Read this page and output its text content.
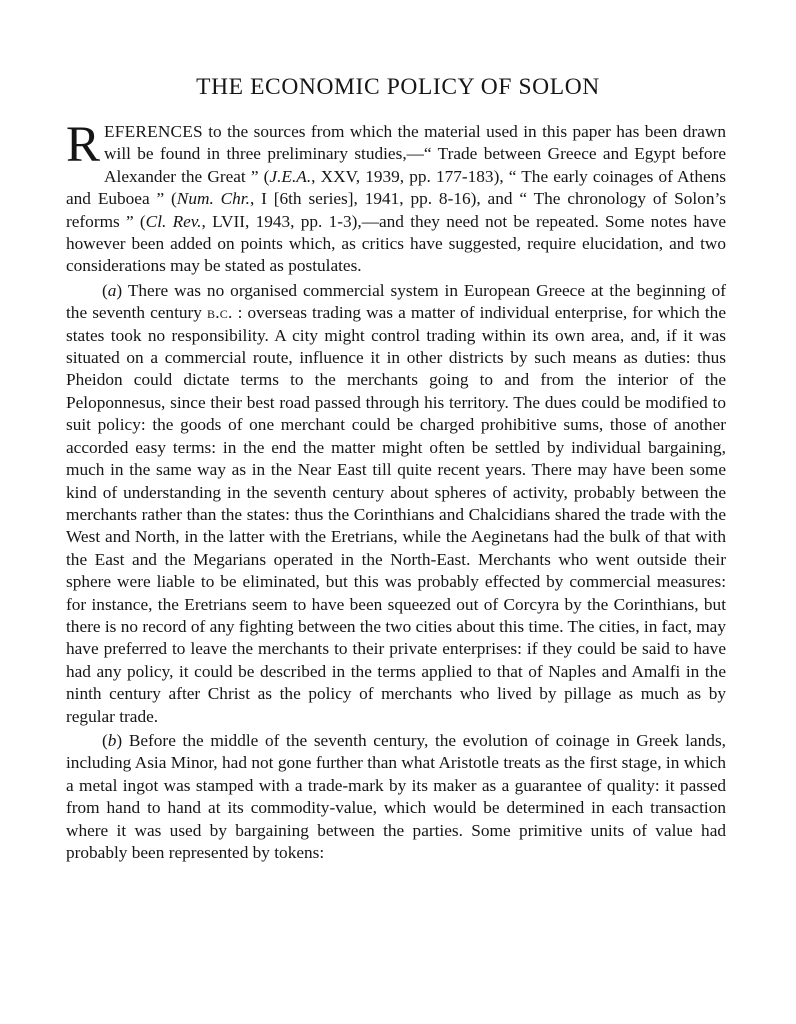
THE ECONOMIC POLICY OF SOLON

REFERENCES to the sources from which the material used in this paper has been drawn will be found in three preliminary studies,—“ Trade between Greece and Egypt before Alexander the Great ” (J.E.A., XXV, 1939, pp. 177-183), “ The early coinages of Athens and Euboea ” (Num. Chr., I [6th series], 1941, pp. 8-16), and “ The chronology of Solon’s reforms ” (Cl. Rev., LVII, 1943, pp. 1-3),—and they need not be repeated. Some notes have however been added on points which, as critics have suggested, require elucidation, and two considerations may be stated as postulates.

(a) There was no organised commercial system in European Greece at the beginning of the seventh century b.c. : overseas trading was a matter of individual enterprise, for which the states took no responsibility. A city might control trading within its own area, and, if it was situated on a commercial route, influence it in other districts by such means as duties: thus Pheidon could dictate terms to the merchants going to and from the interior of the Peloponnesus, since their best road passed through his territory. The dues could be modified to suit policy: the goods of one merchant could be charged prohibitive sums, those of another accorded easy terms: in the end the matter might often be settled by individual bargaining, much in the same way as in the Near East till quite recent years. There may have been some kind of understanding in the seventh century about spheres of activity, probably between the merchants rather than the states: thus the Corinthians and Chalcidians shared the trade with the West and North, in the latter with the Eretrians, while the Aeginetans had the bulk of that with the East and the Megarians operated in the North-East. Merchants who went outside their sphere were liable to be eliminated, but this was probably effected by commercial measures: for instance, the Eretrians seem to have been squeezed out of Corcyra by the Corinthians, but there is no record of any fighting between the two cities about this time. The cities, in fact, may have preferred to leave the merchants to their private enterprises: if they could be said to have had any policy, it could be described in the terms applied to that of Naples and Amalfi in the ninth century after Christ as the policy of merchants who lived by pillage as much as by regular trade.

(b) Before the middle of the seventh century, the evolution of coinage in Greek lands, including Asia Minor, had not gone further than what Aristotle treats as the first stage, in which a metal ingot was stamped with a trade-mark by its maker as a guarantee of quality: it passed from hand to hand at its commodity-value, which would be determined in each transaction where it was used by bargaining between the parties. Some primitive units of value had probably been represented by tokens:
